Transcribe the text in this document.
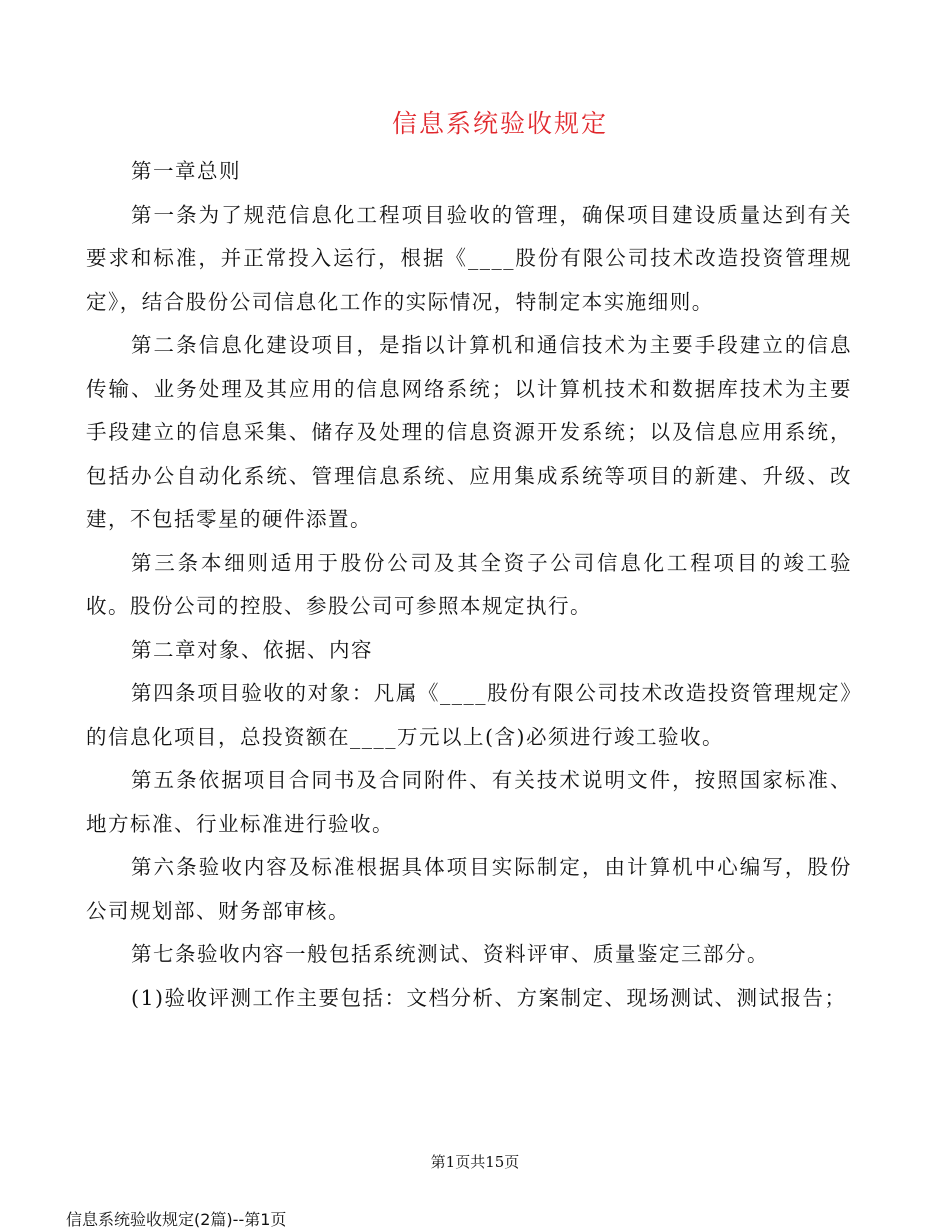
信息系统验收规定

第一章总则

第一条为了规范信息化工程项目验收的管理，确保项目建设质量达到有关要求和标准，并正常投入运行，根据《____股份有限公司技术改造投资管理规定》，结合股份公司信息化工作的实际情况，特制定本实施细则。

第二条信息化建设项目，是指以计算机和通信技术为主要手段建立的信息传输、业务处理及其应用的信息网络系统；以计算机技术和数据库技术为主要手段建立的信息采集、储存及处理的信息资源开发系统；以及信息应用系统，包括办公自动化系统、管理信息系统、应用集成系统等项目的新建、升级、改建，不包括零星的硬件添置。

第三条本细则适用于股份公司及其全资子公司信息化工程项目的竣工验收。股份公司的控股、参股公司可参照本规定执行。

第二章对象、依据、内容

第四条项目验收的对象：凡属《____股份有限公司技术改造投资管理规定》的信息化项目，总投资额在____万元以上(含)必须进行竣工验收。

第五条依据项目合同书及合同附件、有关技术说明文件，按照国家标准、地方标准、行业标准进行验收。

第六条验收内容及标准根据具体项目实际制定，由计算机中心编写，股份公司规划部、财务部审核。

第七条验收内容一般包括系统测试、资料评审、质量鉴定三部分。

(1)验收评测工作主要包括：文档分析、方案制定、现场测试、测试报告；

第1页共15页
信息系统验收规定(2篇)--第1页
